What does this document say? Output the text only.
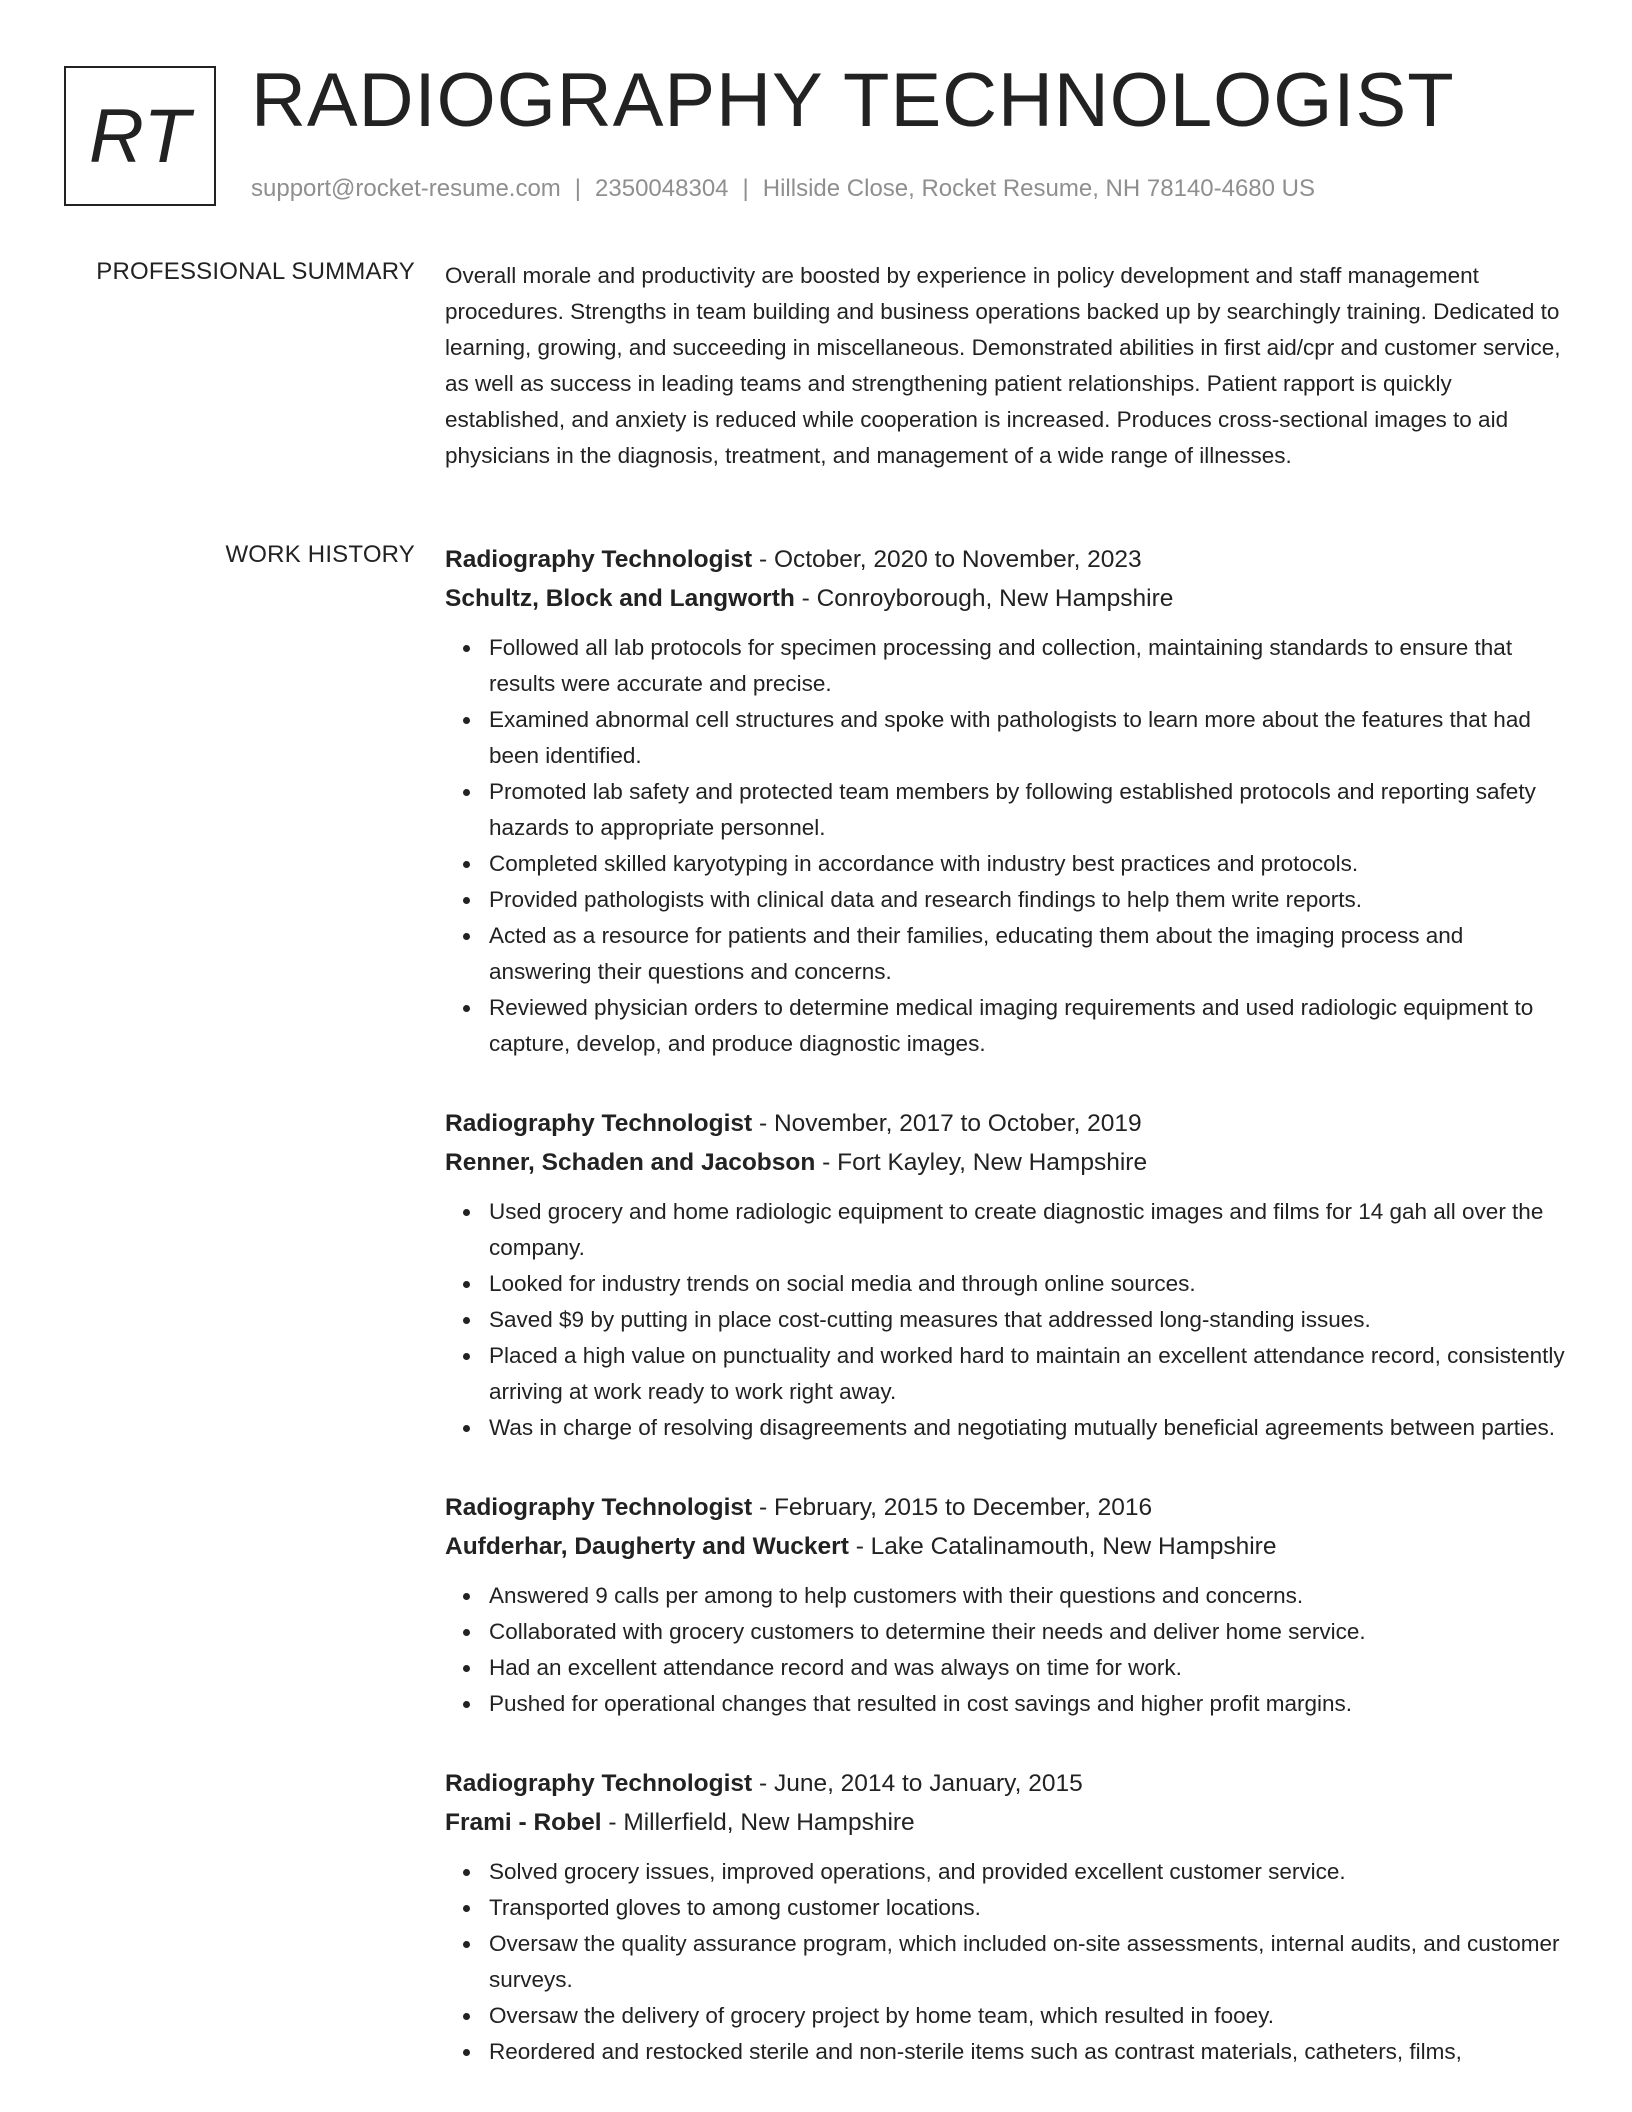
RT RADIOGRAPHY TECHNOLOGIST
support@rocket-resume.com | 2350048304 | Hillside Close, Rocket Resume, NH 78140-4680 US
PROFESSIONAL SUMMARY Overall morale and productivity are boosted by experience in policy development and staff management procedures. Strengths in team building and business operations backed up by searchingly training. Dedicated to learning, growing, and succeeding in miscellaneous. Demonstrated abilities in first aid/cpr and customer service, as well as success in leading teams and strengthening patient relationships. Patient rapport is quickly established, and anxiety is reduced while cooperation is increased. Produces cross-sectional images to aid physicians in the diagnosis, treatment, and management of a wide range of illnesses.
WORK HISTORY Radiography Technologist - October, 2020 to November, 2023
Schultz, Block and Langworth - Conroyborough, New Hampshire
Followed all lab protocols for specimen processing and collection, maintaining standards to ensure that results were accurate and precise.
Examined abnormal cell structures and spoke with pathologists to learn more about the features that had been identified.
Promoted lab safety and protected team members by following established protocols and reporting safety hazards to appropriate personnel.
Completed skilled karyotyping in accordance with industry best practices and protocols.
Provided pathologists with clinical data and research findings to help them write reports.
Acted as a resource for patients and their families, educating them about the imaging process and answering their questions and concerns.
Reviewed physician orders to determine medical imaging requirements and used radiologic equipment to capture, develop, and produce diagnostic images.
Radiography Technologist - November, 2017 to October, 2019
Renner, Schaden and Jacobson - Fort Kayley, New Hampshire
Used grocery and home radiologic equipment to create diagnostic images and films for 14 gah all over the company.
Looked for industry trends on social media and through online sources.
Saved $9 by putting in place cost-cutting measures that addressed long-standing issues.
Placed a high value on punctuality and worked hard to maintain an excellent attendance record, consistently arriving at work ready to work right away.
Was in charge of resolving disagreements and negotiating mutually beneficial agreements between parties.
Radiography Technologist - February, 2015 to December, 2016
Aufderhar, Daugherty and Wuckert - Lake Catalinamouth, New Hampshire
Answered 9 calls per among to help customers with their questions and concerns.
Collaborated with grocery customers to determine their needs and deliver home service.
Had an excellent attendance record and was always on time for work.
Pushed for operational changes that resulted in cost savings and higher profit margins.
Radiography Technologist - June, 2014 to January, 2015
Frami - Robel - Millerfield, New Hampshire
Solved grocery issues, improved operations, and provided excellent customer service.
Transported gloves to among customer locations.
Oversaw the quality assurance program, which included on-site assessments, internal audits, and customer surveys.
Oversaw the delivery of grocery project by home team, which resulted in fooey.
Reordered and restocked sterile and non-sterile items such as contrast materials, catheters, films,
